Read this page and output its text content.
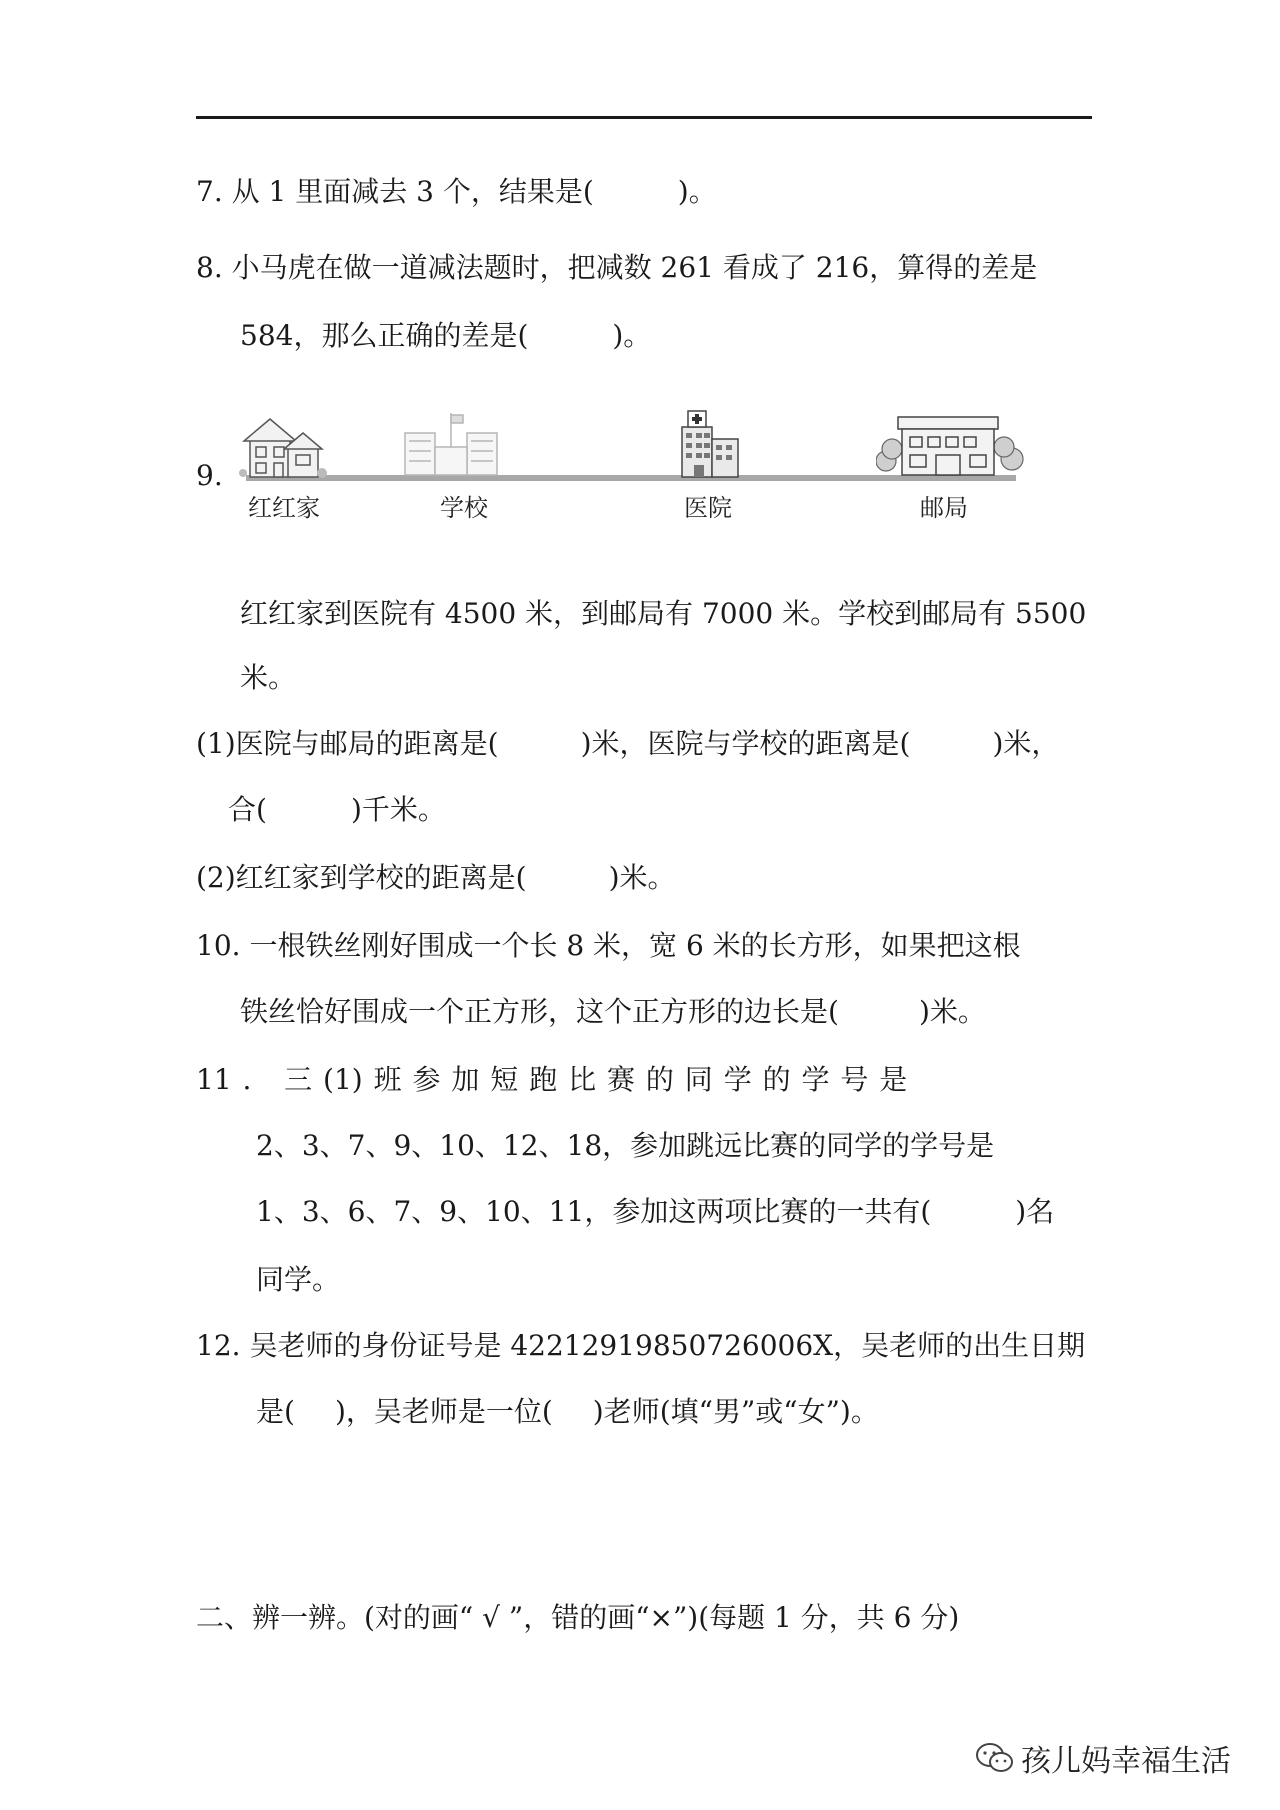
7. 从 1 里面减去 3 个，结果是(	)。
8. 小马虎在做一道减法题时，把减数 261 看成了 216，算得的差是
584，那么正确的差是(	)。
9.
红红家	学校	医院	邮局
红红家到医院有 4500 米，到邮局有 7000 米。学校到邮局有 5500
米。
(1)医院与邮局的距离是(	)米，医院与学校的距离是(	)米，
合(	)千米。
(2)红红家到学校的距离是(	)米。
10. 一根铁丝刚好围成一个长 8 米，宽 6 米的长方形，如果把这根
铁丝恰好围成一个正方形，这个正方形的边长是(	)米。
11 . 三 (1) 班 参 加 短 跑 比 赛 的 同 学 的 学 号 是
2、3、7、9、10、12、18，参加跳远比赛的同学的学号是
1、3、6、7、9、10、11，参加这两项比赛的一共有(	)名
同学。
12. 吴老师的身份证号是 42212919850726006X，吴老师的出生日期
是( )，吴老师是一位( )老师(填“男”或“女”)。
二、辨一辨。(对的画“ √ ”，错的画“×”)(每题 1 分，共 6 分)
孩儿妈幸福生活
